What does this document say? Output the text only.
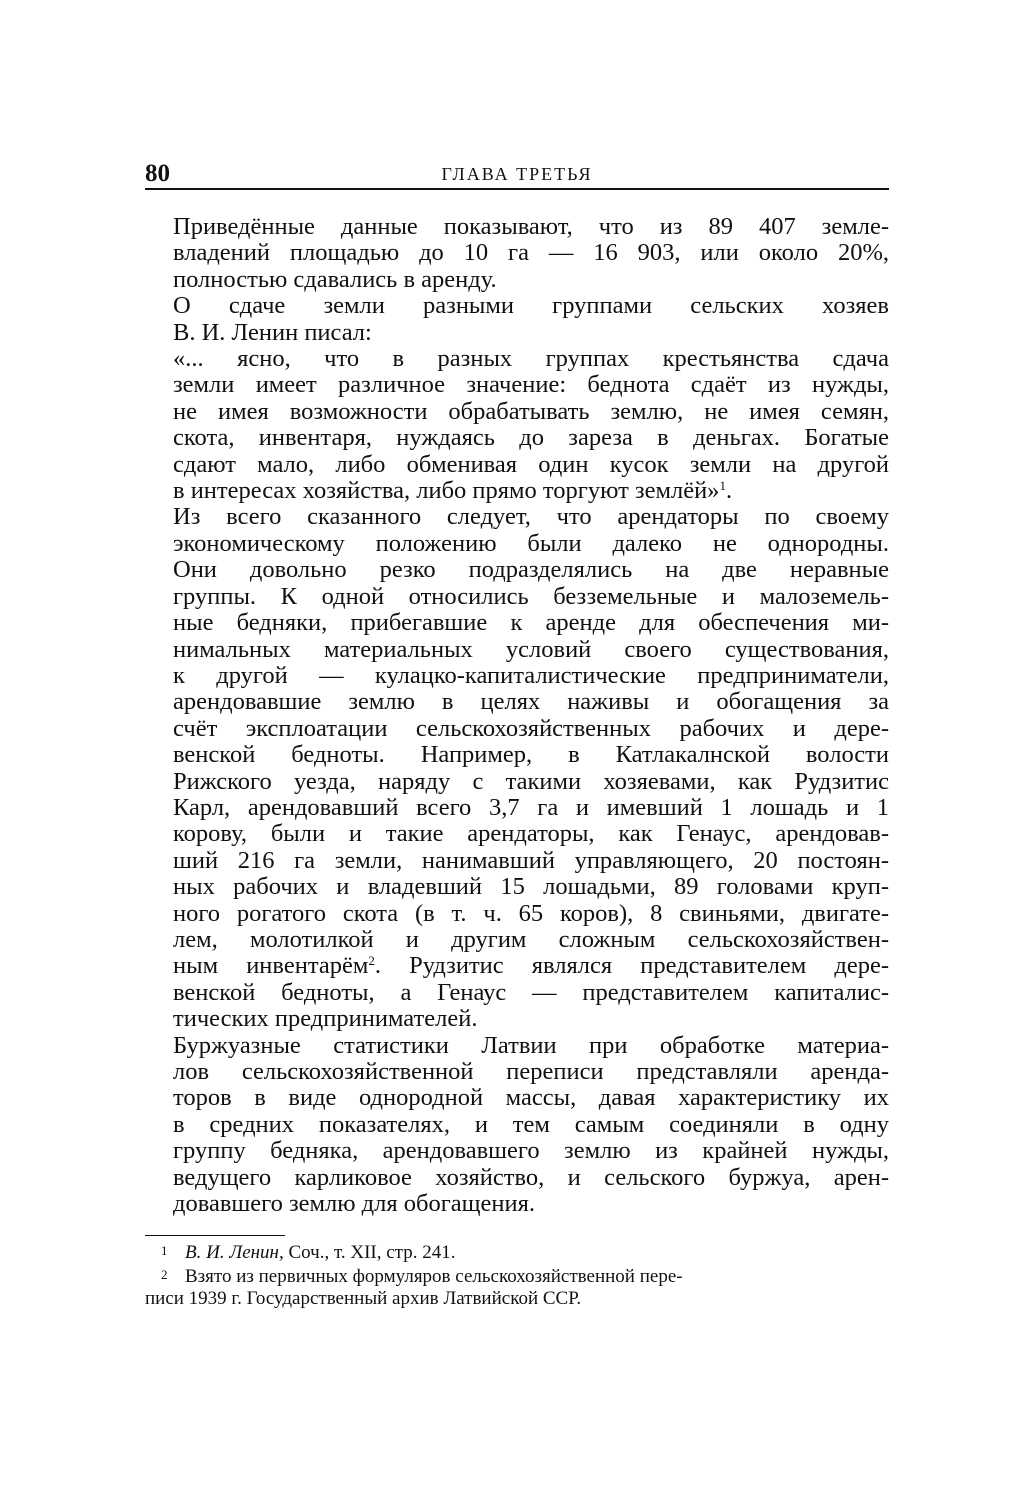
80	ГЛАВА ТРЕТЬЯ

Приведённые данные показывают, что из 89 407 земле-
владений площадью до 10 га — 16 903, или около 20%,
полностью сдавались в аренду.

О сдаче земли разными группами сельских хозяев
В. И. Ленин писал:

«... ясно, что в разных группах крестьянства сдача
земли имеет различное значение: беднота сдаёт из нужды,
не имея возможности обрабатывать землю, не имея семян,
скота, инвентаря, нуждаясь до зареза в деньгах. Богатые
сдают мало, либо обменивая один кусок земли на другой
в интересах хозяйства, либо прямо торгуют землёй»$^1$.

Из всего сказанного следует, что арендаторы по своему
экономическому положению были далеко не однородны.
Они довольно резко подразделялись на две неравные
группы. К одной относились безземельные и малоземель-
ные бедняки, прибегавшие к аренде для обеспечения ми-
нимальных материальных условий своего существования,
к другой — кулацко-капиталистические предприниматели,
арендовавшие землю в целях наживы и обогащения за
счёт эксплоатации сельскохозяйственных рабочих и дере-
венской бедноты. Например, в Катлакалнской волости
Рижского уезда, наряду с такими хозяевами, как Рудзитис
Карл, арендовавший всего 3,7 га и имевший 1 лошадь и 1
корову, были и такие арендаторы, как Генаус, арендовав-
ший 216 га земли, нанимавший управляющего, 20 постоян-
ных рабочих и владевший 15 лошадьми, 89 головами круп-
ного рогатого скота (в т. ч. 65 коров), 8 свиньями, двигате-
лем, молотилкой и другим сложным сельскохозяйствен-
ным инвентарём$^2$. Рудзитис являлся представителем дере-
венской бедноты, а Генаус — представителем капиталис-
тических предпринимателей.

Буржуазные статистики Латвии при обработке материа-
лов сельскохозяйственной переписи представляли аренда-
торов в виде однородной массы, давая характеристику их
в средних показателях, и тем самым соединяли в одну
группу бедняка, арендовавшего землю из крайней нужды,
ведущего карликовое хозяйство, и сельского буржуа, арен-
довавшего землю для обогащения.

1 В. И. Ленин, Соч., т. XII, стр. 241.

2 Взято из первичных формуляров сельскохозяйственной пере-
писи 1939 г. Государственный архив Латвийской ССР.
